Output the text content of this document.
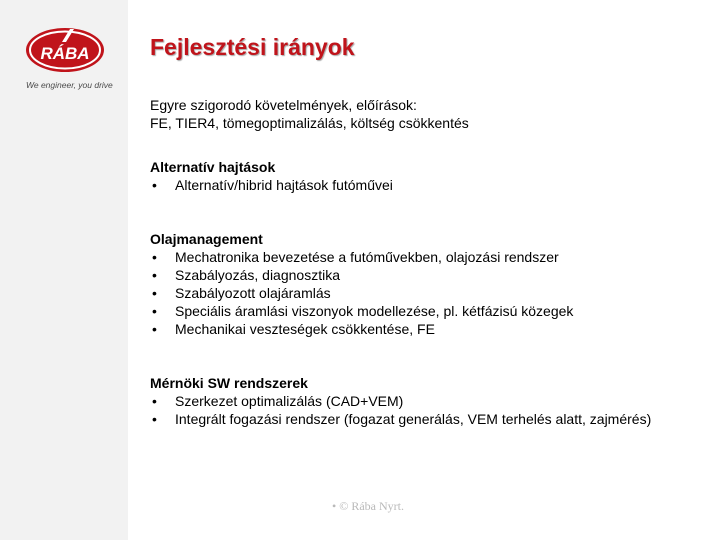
RÁBA
We engineer, you drive
Fejlesztési irányok

Egyre szigorodó követelmények, előírások:

FE, TIER4, tömegoptimalizálás, költség csökkentés

Alternatív hajtások

•	Alternatív/hibrid hajtások futóművei

Olajmanagement

•	Mechatronika bevezetése a futóművekben, olajozási rendszer
•	Szabályozás, diagnosztika
•	Szabályozott olajáramlás
•	Speciális áramlási viszonyok modellezése, pl. kétfázisú közegek
•	Mechanikai veszteségek csökkentése, FE

Mérnöki SW rendszerek

•	Szerkezet optimalizálás (CAD+VEM)
•	Integrált fogazási rendszer (fogazat generálás, VEM terhelés alatt, zajmérés)
• © Rába Nyrt.
